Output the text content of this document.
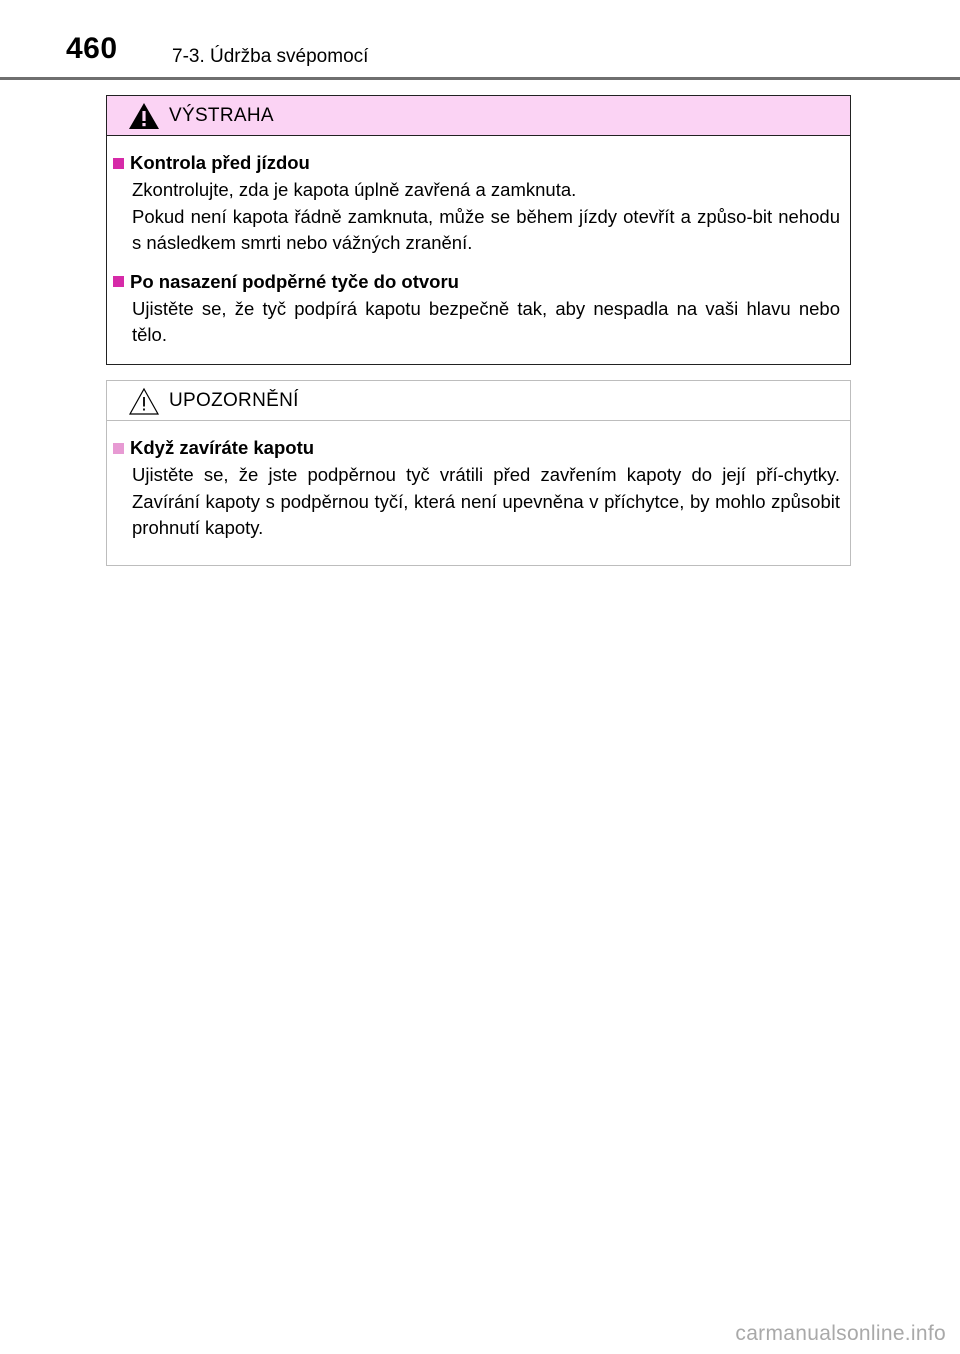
460	7-3. Údržba svépomocí
VÝSTRAHA
Kontrola před jízdou

Zkontrolujte, zda je kapota úplně zavřená a zamknuta.

Pokud není kapota řádně zamknuta, může se během jízdy otevřít a způso-bit nehodu s následkem smrti nebo vážných zranění.

Po nasazení podpěrné tyče do otvoru

Ujistěte se, že tyč podpírá kapotu bezpečně tak, aby nespadla na vaši hlavu nebo tělo.

UPOZORNĚNÍ
Když zavíráte kapotu

Ujistěte se, že jste podpěrnou tyč vrátili před zavřením kapoty do její pří-chytky. Zavírání kapoty s podpěrnou tyčí, která není upevněna v příchytce, by mohlo způsobit prohnutí kapoty.

carmanualsonline.info
